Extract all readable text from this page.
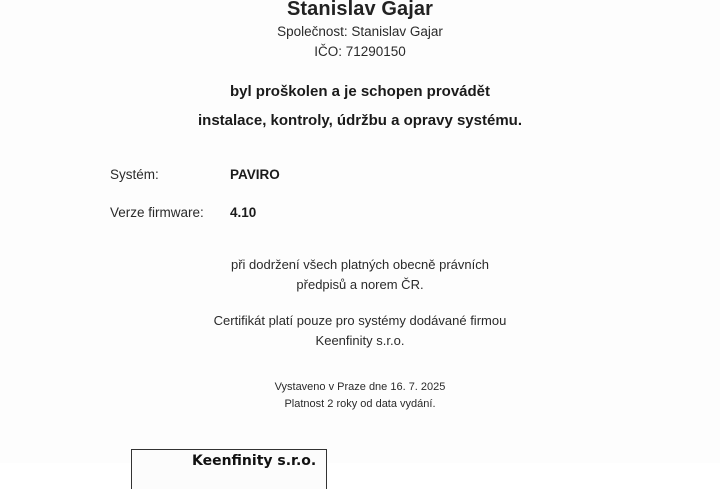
Stanislav Gajar
Společnost: Stanislav Gajar
IČO: 71290150
byl proškolen a je schopen provádět
instalace, kontroly, údržbu a opravy systému.
Systém:	PAVIRO
Verze firmware: 4.10
při dodržení všech platných obecně právních
předpisů a norem ČR.
Certifikát platí pouze pro systémy dodávané firmou
Keenfinity s.r.o.
Vystaveno v Praze dne 16. 7. 2025
Platnost 2 roky od data vydání.
Keenfinity s.r.o.
